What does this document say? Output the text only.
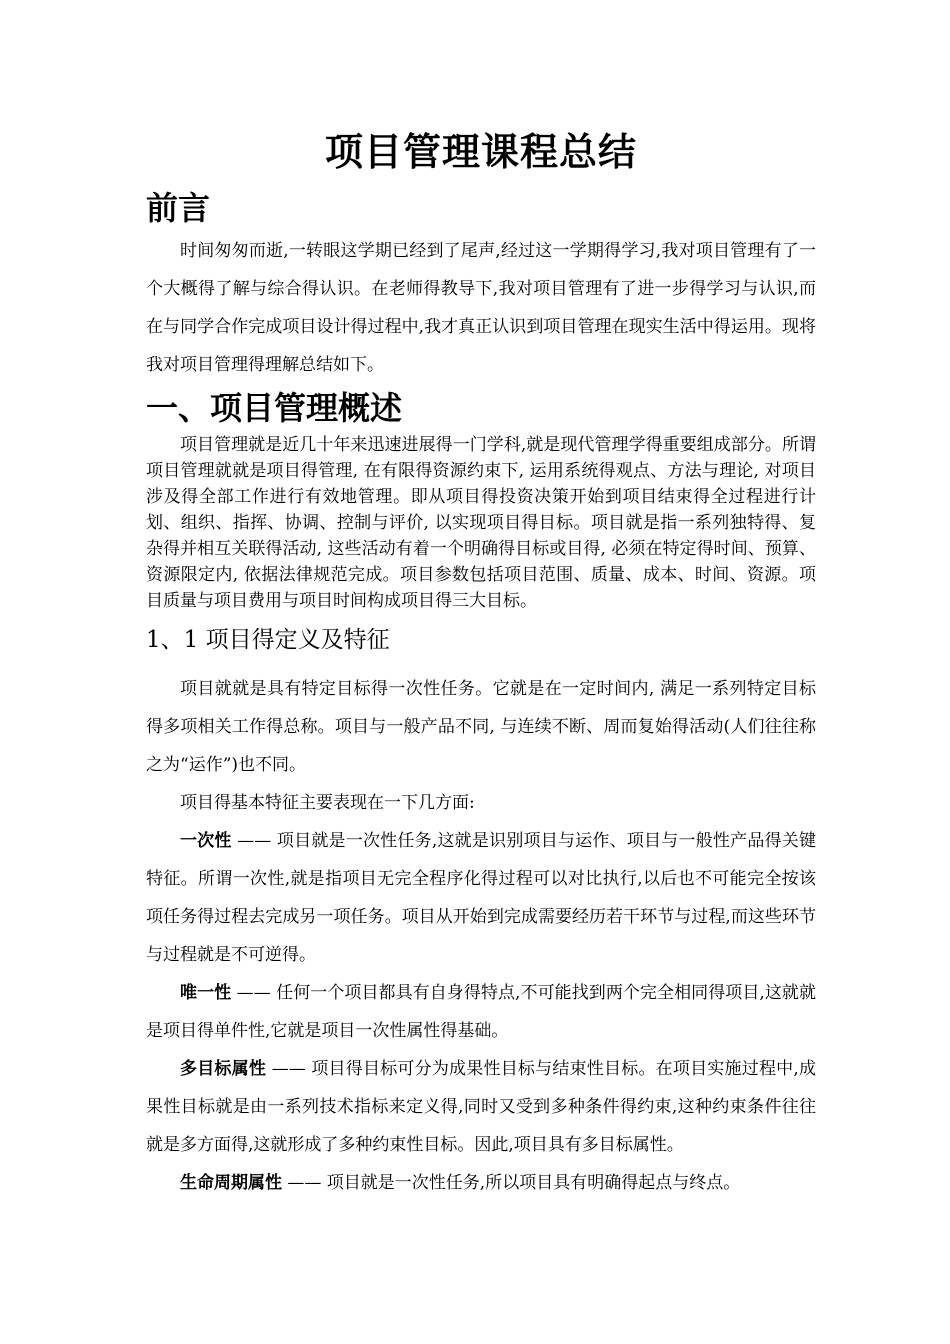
项目管理课程总结
前言

时间匆匆而逝,一转眼这学期已经到了尾声,经过这一学期得学习,我对项目管理有了一个大概得了解与综合得认识。在老师得教导下,我对项目管理有了进一步得学习与认识,而在与同学合作完成项目设计得过程中,我才真正认识到项目管理在现实生活中得运用。现将我对项目管理得理解总结如下。

一、项目管理概述

项目管理就是近几十年来迅速进展得一门学科,就是现代管理学得重要组成部分。所谓项目管理就就是项目得管理, 在有限得资源约束下, 运用系统得观点、方法与理论, 对项目涉及得全部工作进行有效地管理。即从项目得投资决策开始到项目结束得全过程进行计划、组织、指挥、协调、控制与评价, 以实现项目得目标。项目就是指一系列独特得、复杂得并相互关联得活动, 这些活动有着一个明确得目标或目得, 必须在特定得时间、预算、资源限定内, 依据法律规范完成。项目参数包括项目范围、质量、成本、时间、资源。项目质量与项目费用与项目时间构成项目得三大目标。

1、1 项目得定义及特征

项目就就是具有特定目标得一次性任务。它就是在一定时间内, 满足一系列特定目标得多项相关工作得总称。项目与一般产品不同, 与连续不断、周而复始得活动(人们往往称之为“运作”)也不同。

项目得基本特征主要表现在一下几方面:

一次性 —— 项目就是一次性任务,这就是识别项目与运作、项目与一般性产品得关键特征。所谓一次性,就是指项目无完全程序化得过程可以对比执行,以后也不可能完全按该项任务得过程去完成另一项任务。项目从开始到完成需要经历若干环节与过程,而这些环节与过程就是不可逆得。

唯一性 —— 任何一个项目都具有自身得特点,不可能找到两个完全相同得项目,这就就是项目得单件性,它就是项目一次性属性得基础。

多目标属性 —— 项目得目标可分为成果性目标与结束性目标。在项目实施过程中,成果性目标就是由一系列技术指标来定义得,同时又受到多种条件得约束,这种约束条件往往就是多方面得,这就形成了多种约束性目标。因此,项目具有多目标属性。

生命周期属性 —— 项目就是一次性任务,所以项目具有明确得起点与终点。
